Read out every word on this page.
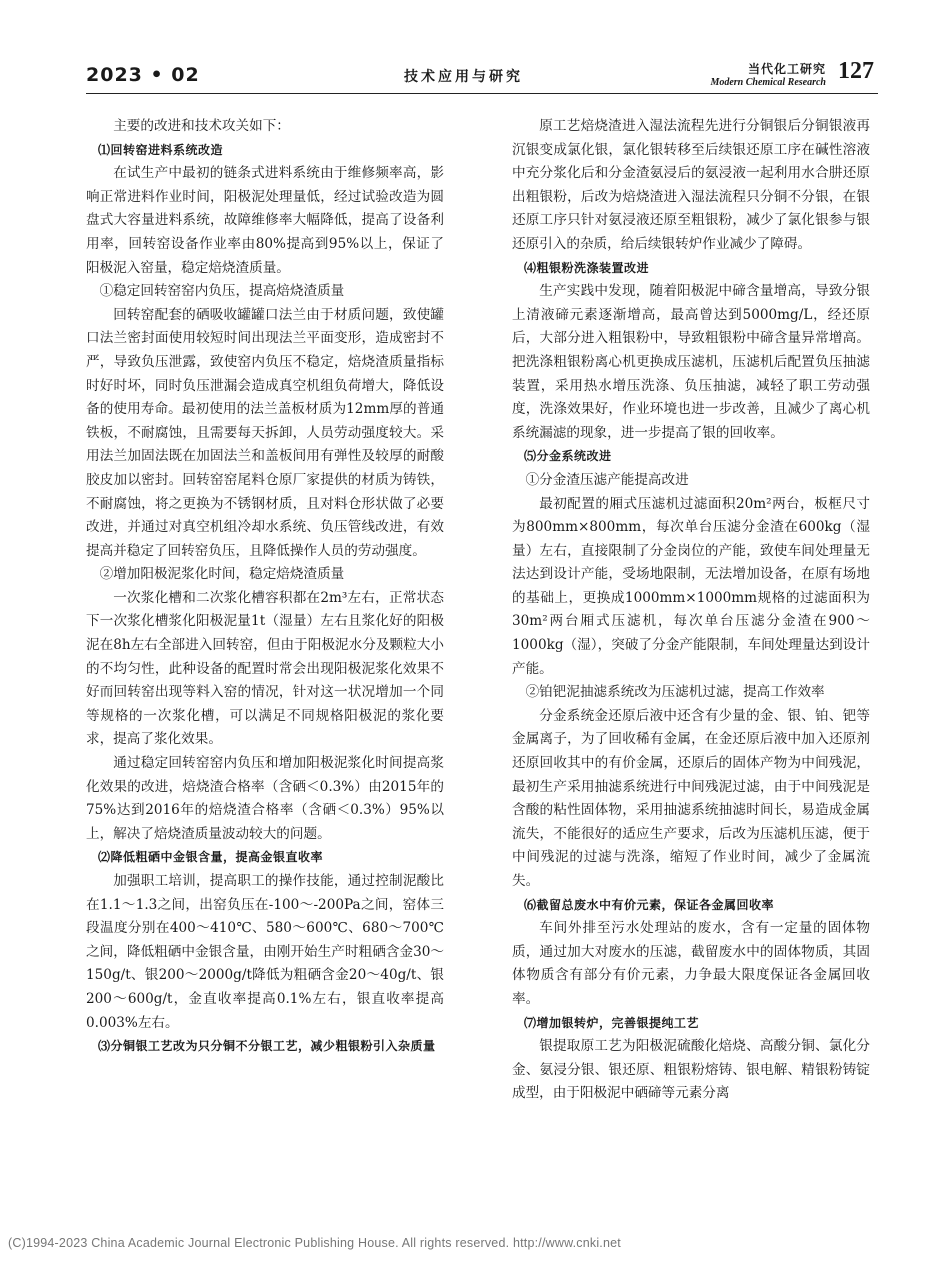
2023 • 02	技术应用与研究	当代化工研究
Modern Chemical Research 127

主要的改进和技术攻关如下：

⑴回转窑进料系统改造

在试生产中最初的链条式进料系统由于维修频率高，影响正常进料作业时间，阳极泥处理量低，经过试验改造为圆盘式大容量进料系统，故障维修率大幅降低，提高了设备利用率，回转窑设备作业率由80%提高到95%以上，保证了阳极泥入窑量，稳定焙烧渣质量。

①稳定回转窑窑内负压，提高焙烧渣质量

回转窑配套的硒吸收罐罐口法兰由于材质问题，致使罐口法兰密封面使用较短时间出现法兰平面变形，造成密封不严，导致负压泄露，致使窑内负压不稳定，焙烧渣质量指标时好时坏，同时负压泄漏会造成真空机组负荷增大，降低设备的使用寿命。最初使用的法兰盖板材质为12mm厚的普通铁板，不耐腐蚀，且需要每天拆卸，人员劳动强度较大。采用法兰加固法既在加固法兰和盖板间用有弹性及较厚的耐酸胶皮加以密封。回转窑窑尾料仓原厂家提供的材质为铸铁，不耐腐蚀，将之更换为不锈钢材质，且对料仓形状做了必要改进，并通过对真空机组冷却水系统、负压管线改进，有效提高并稳定了回转窑负压，且降低操作人员的劳动强度。

②增加阳极泥浆化时间，稳定焙烧渣质量

一次浆化槽和二次浆化槽容积都在2m³左右，正常状态下一次浆化槽浆化阳极泥量1t（湿量）左右且浆化好的阳极泥在8h左右全部进入回转窑，但由于阳极泥水分及颗粒大小的不均匀性，此种设备的配置时常会出现阳极泥浆化效果不好而回转窑出现等料入窑的情况，针对这一状况增加一个同等规格的一次浆化槽，可以满足不同规格阳极泥的浆化要求，提高了浆化效果。

通过稳定回转窑窑内负压和增加阳极泥浆化时间提高浆化效果的改进，焙烧渣合格率（含硒＜0.3%）由2015年的75%达到2016年的焙烧渣合格率（含硒＜0.3%）95%以上，解决了焙烧渣质量波动较大的问题。

⑵降低粗硒中金银含量，提高金银直收率

加强职工培训，提高职工的操作技能，通过控制泥酸比在1.1～1.3之间，出窑负压在-100～-200Pa之间，窑体三段温度分别在400～410℃、580～600℃、680～700℃之间，降低粗硒中金银含量，由刚开始生产时粗硒含金30～150g/t、银200～2000g/t降低为粗硒含金20～40g/t、银200～600g/t，金直收率提高0.1%左右，银直收率提高0.003%左右。

⑶分铜银工艺改为只分铜不分银工艺，减少粗银粉引入杂质量

原工艺焙烧渣进入湿法流程先进行分铜银后分铜银液再沉银变成氯化银，氯化银转移至后续银还原工序在碱性溶液中充分浆化后和分金渣氨浸后的氨浸液一起利用水合肼还原出粗银粉，后改为焙烧渣进入湿法流程只分铜不分银，在银还原工序只针对氨浸液还原至粗银粉，减少了氯化银参与银还原引入的杂质，给后续银转炉作业减少了障碍。

⑷粗银粉洗涤装置改进

生产实践中发现，随着阳极泥中碲含量增高，导致分银上清液碲元素逐渐增高，最高曾达到5000mg/L，经还原后，大部分进入粗银粉中，导致粗银粉中碲含量异常增高。把洗涤粗银粉离心机更换成压滤机，压滤机后配置负压抽滤装置，采用热水增压洗涤、负压抽滤，减轻了职工劳动强度，洗涤效果好，作业环境也进一步改善，且减少了离心机系统漏滤的现象，进一步提高了银的回收率。

⑸分金系统改进

①分金渣压滤产能提高改进

最初配置的厢式压滤机过滤面积20m²两台，板框尺寸为800mm×800mm，每次单台压滤分金渣在600kg（湿量）左右，直接限制了分金岗位的产能，致使车间处理量无法达到设计产能，受场地限制，无法增加设备，在原有场地的基础上，更换成1000mm×1000mm规格的过滤面积为30m²两台厢式压滤机，每次单台压滤分金渣在900～1000kg（湿），突破了分金产能限制，车间处理量达到设计产能。

②铂钯泥抽滤系统改为压滤机过滤，提高工作效率

分金系统金还原后液中还含有少量的金、银、铂、钯等金属离子，为了回收稀有金属，在金还原后液中加入还原剂还原回收其中的有价金属，还原后的固体产物为中间残泥，最初生产采用抽滤系统进行中间残泥过滤，由于中间残泥是含酸的粘性固体物，采用抽滤系统抽滤时间长，易造成金属流失，不能很好的适应生产要求，后改为压滤机压滤，便于中间残泥的过滤与洗涤，缩短了作业时间，减少了金属流失。

⑹截留总废水中有价元素，保证各金属回收率

车间外排至污水处理站的废水，含有一定量的固体物质，通过加大对废水的压滤，截留废水中的固体物质，其固体物质含有部分有价元素，力争最大限度保证各金属回收率。

⑺增加银转炉，完善银提纯工艺

银提取原工艺为阳极泥硫酸化焙烧、高酸分铜、氯化分金、氨浸分银、银还原、粗银粉熔铸、银电解、精银粉铸锭成型，由于阳极泥中硒碲等元素分离

(C)1994-2023 China Academic Journal Electronic Publishing House. All rights reserved. http://www.cnki.net
